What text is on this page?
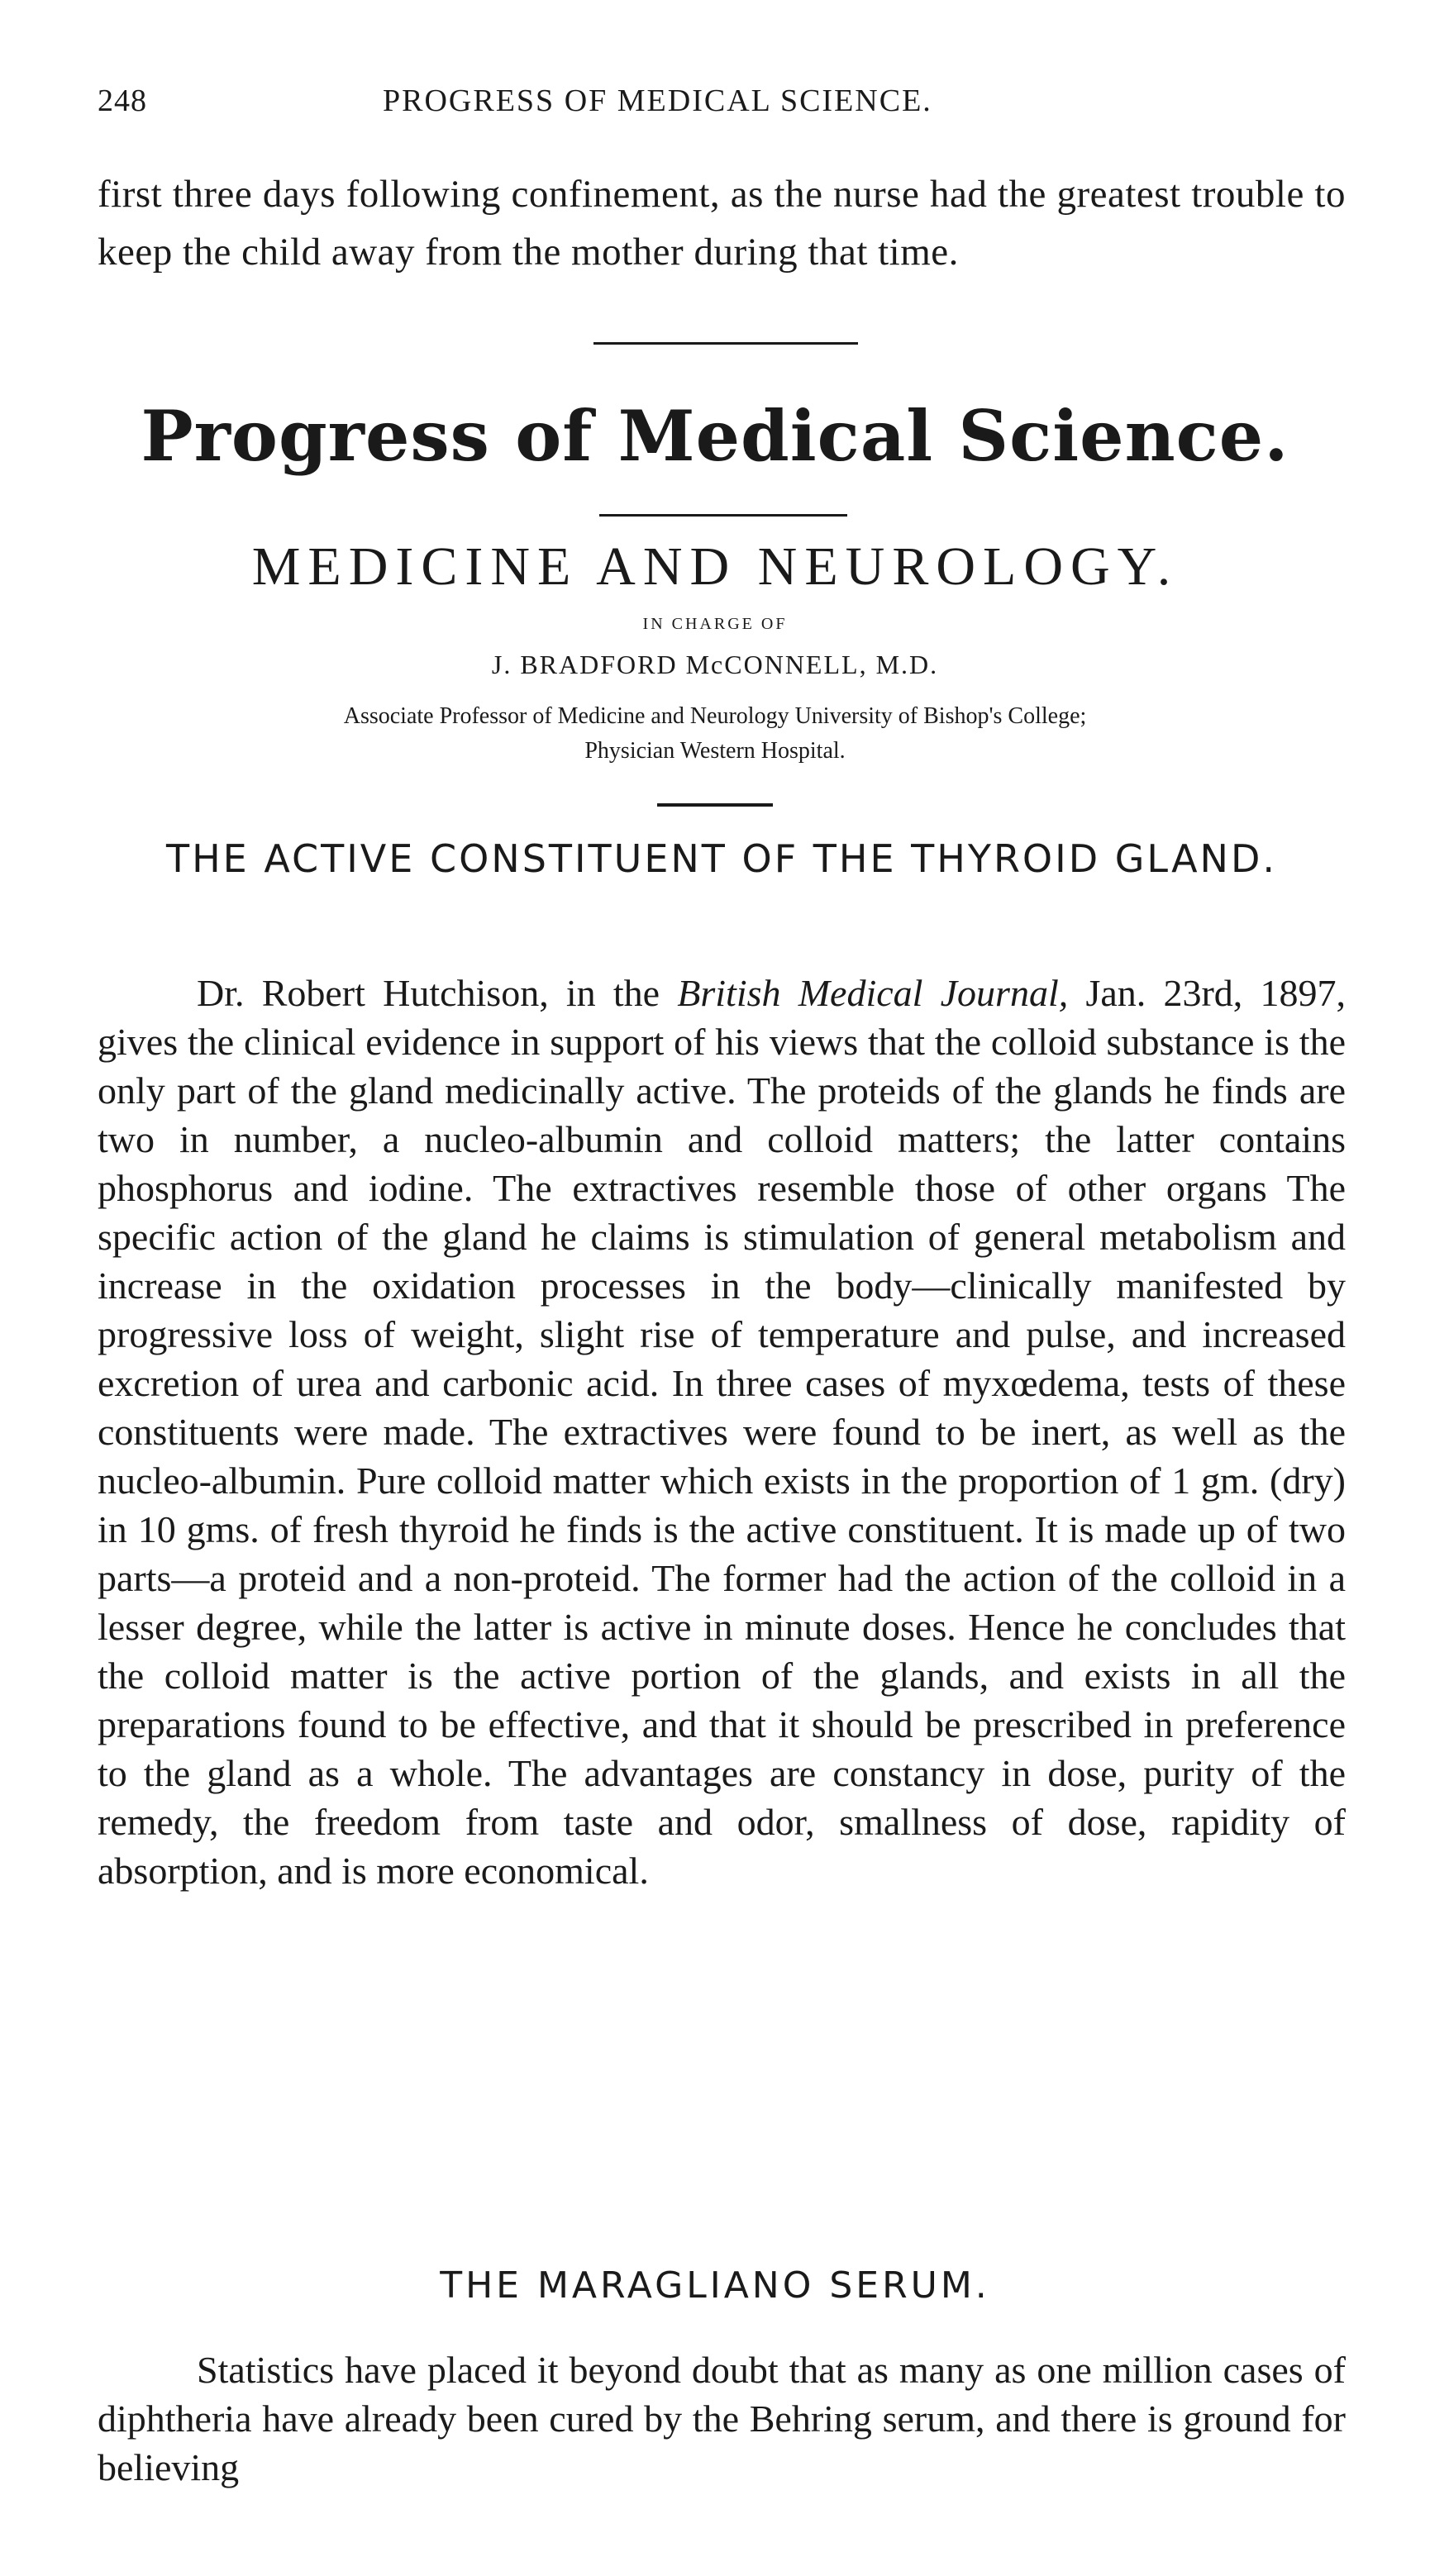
248	PROGRESS OF MEDICAL SCIENCE.

first three days following confinement, as the nurse had the greatest trouble to keep the child away from the mother during that time.

Progress of Medical Science.
MEDICINE AND NEUROLOGY.
IN CHARGE OF
J. BRADFORD McCONNELL, M.D.
Associate Professor of Medicine and Neurology University of Bishop's College;
Physician Western Hospital.
THE ACTIVE CONSTITUENT OF THE THYROID GLAND.

Dr. Robert Hutchison, in the British Medical Journal, Jan. 23rd, 1897, gives the clinical evidence in support of his views that the colloid substance is the only part of the gland medicinally active. The proteids of the glands he finds are two in number, a nucleo-albumin and colloid matters; the latter contains phosphorus and iodine. The extractives resemble those of other organs The specific action of the gland he claims is stimulation of general metabolism and increase in the oxidation processes in the body—clinically manifested by progressive loss of weight, slight rise of temperature and pulse, and increased excretion of urea and carbonic acid. In three cases of myxœdema, tests of these constituents were made. The extractives were found to be inert, as well as the nucleo-albumin. Pure colloid matter which exists in the proportion of 1 gm. (dry) in 10 gms. of fresh thyroid he finds is the active constituent. It is made up of two parts—a proteid and a non-proteid. The former had the action of the colloid in a lesser degree, while the latter is active in minute doses. Hence he concludes that the colloid matter is the active portion of the glands, and exists in all the preparations found to be effective, and that it should be prescribed in preference to the gland as a whole. The advantages are constancy in dose, purity of the remedy, the freedom from taste and odor, smallness of dose, rapidity of absorption, and is more economical.

THE MARAGLIANO SERUM.

Statistics have placed it beyond doubt that as many as one million cases of diphtheria have already been cured by the Behring serum, and there is ground for believing
